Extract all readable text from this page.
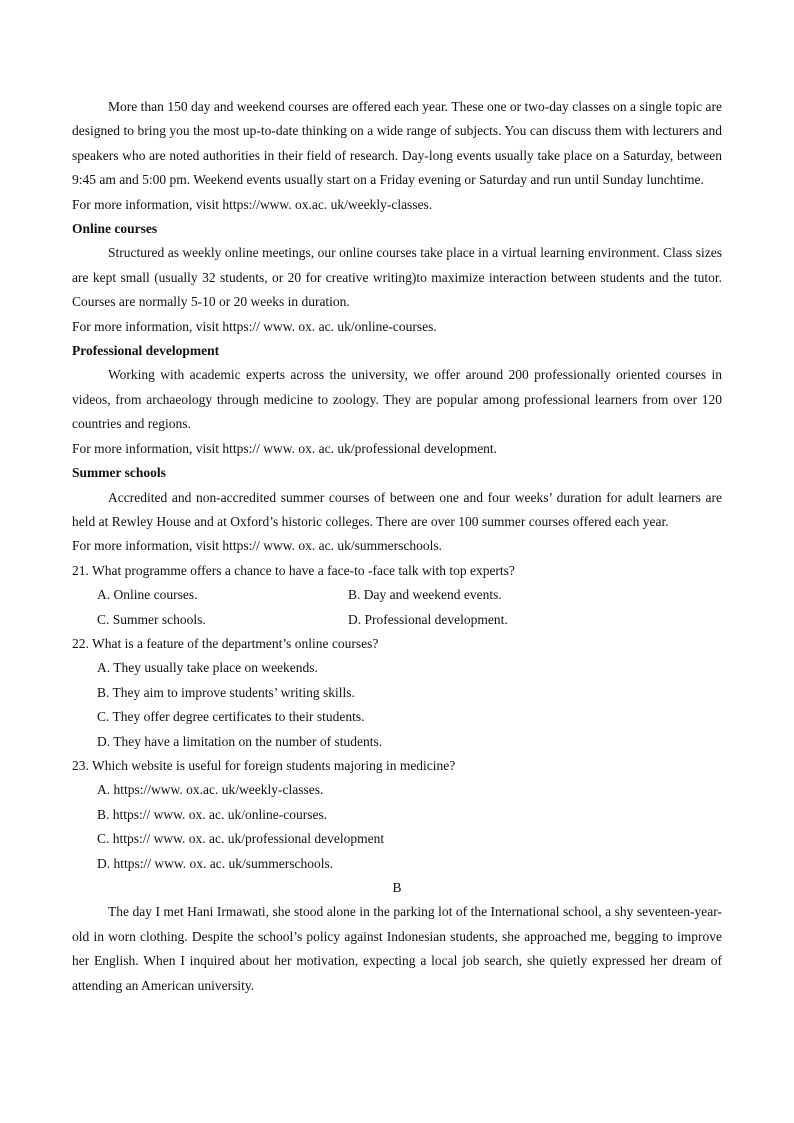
More than 150 day and weekend courses are offered each year. These one or two-day classes on a single topic are designed to bring you the most up-to-date thinking on a wide range of subjects. You can discuss them with lecturers and speakers who are noted authorities in their field of research. Day-long events usually take place on a Saturday, between 9:45 am and 5:00 pm. Weekend events usually start on a Friday evening or Saturday and run until Sunday lunchtime.
For more information, visit https://www. ox.ac. uk/weekly-classes.
Online courses
Structured as weekly online meetings, our online courses take place in a virtual learning environment. Class sizes are kept small (usually 32 students, or 20 for creative writing)to maximize interaction between students and the tutor. Courses are normally 5-10 or 20 weeks in duration.
For more information, visit https:// www. ox. ac. uk/online-courses.
Professional development
Working with academic experts across the university, we offer around 200 professionally oriented courses in videos, from archaeology through medicine to zoology. They are popular among professional learners from over 120 countries and regions.
For more information, visit https:// www. ox. ac. uk/professional development.
Summer schools
Accredited and non-accredited summer courses of between one and four weeks’ duration for adult learners are held at Rewley House and at Oxford’s historic colleges. There are over 100 summer courses offered each year.
For more information, visit https:// www. ox. ac. uk/summerschools.
21. What programme offers a chance to have a face-to -face talk with top experts?
A. Online courses.	B. Day and weekend events.
C. Summer schools.	D. Professional development.
22. What is a feature of the department’s online courses?
A. They usually take place on weekends.
B. They aim to improve students’ writing skills.
C. They offer degree certificates to their students.
D. They have a limitation on the number of students.
23. Which website is useful for foreign students majoring in medicine?
A. https://www. ox.ac. uk/weekly-classes.
B. https:// www. ox. ac. uk/online-courses.
C. https:// www. ox. ac. uk/professional development
D. https:// www. ox. ac. uk/summerschools.
B
The day I met Hani Irmawati, she stood alone in the parking lot of the International school, a shy seventeen-year-old in worn clothing. Despite the school’s policy against Indonesian students, she approached me, begging to improve her English. When I inquired about her motivation, expecting a local job search, she quietly expressed her dream of attending an American university.
